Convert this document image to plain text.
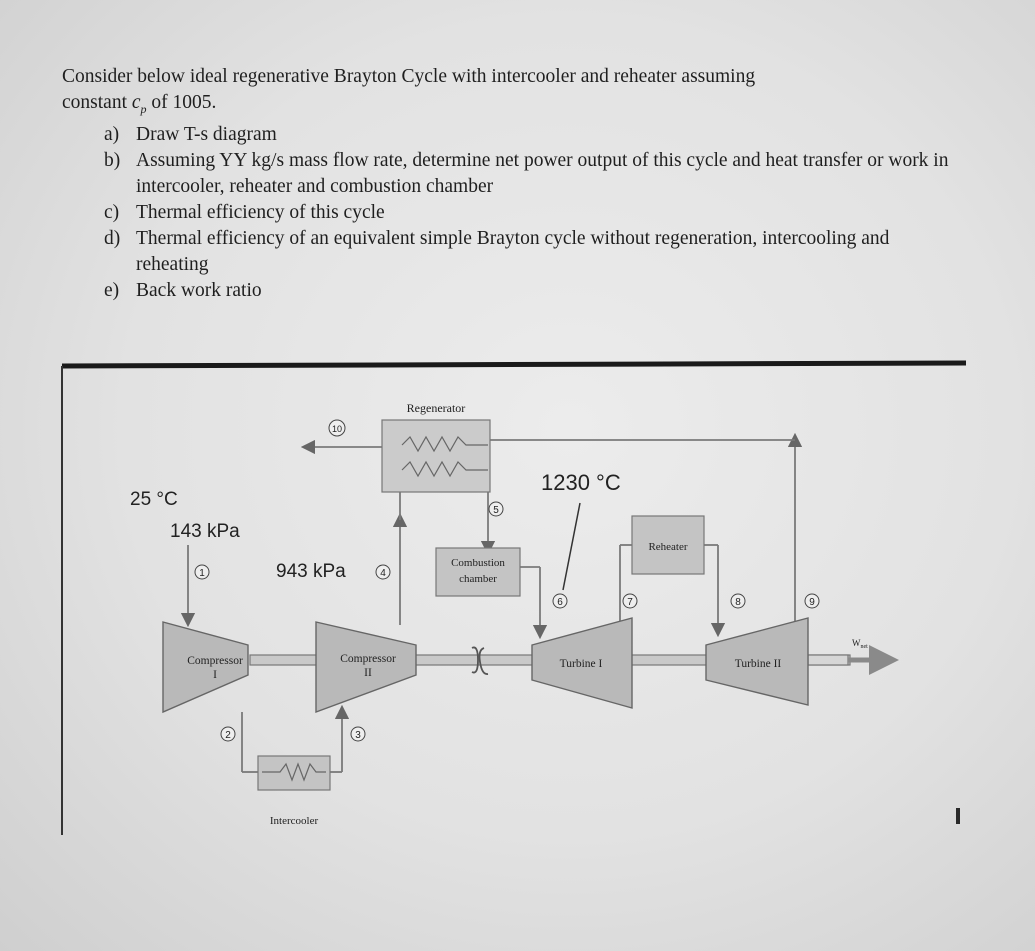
Consider below ideal regenerative Brayton Cycle with intercooler and reheater assuming
constant $c_p$ of 1005.

a) Draw T-s diagram
b) Assuming YY kg/s mass flow rate, determine net power output of this cycle and heat transfer or work in intercooler, reheater and combustion chamber
c) Thermal efficiency of this cycle
d) Thermal efficiency of an equivalent simple Brayton cycle without regeneration, intercooling and reheating
e) Back work ratio
Compressor
I
Compressor
II
Turbine I	Turbine II
$W_{net}$
Regenerator
Combustion
chamber
Reheater
Intercooler
1
2	3
4
5
6	7	8	9
10
25 °C
143 kPa
943 kPa
1230 °C
